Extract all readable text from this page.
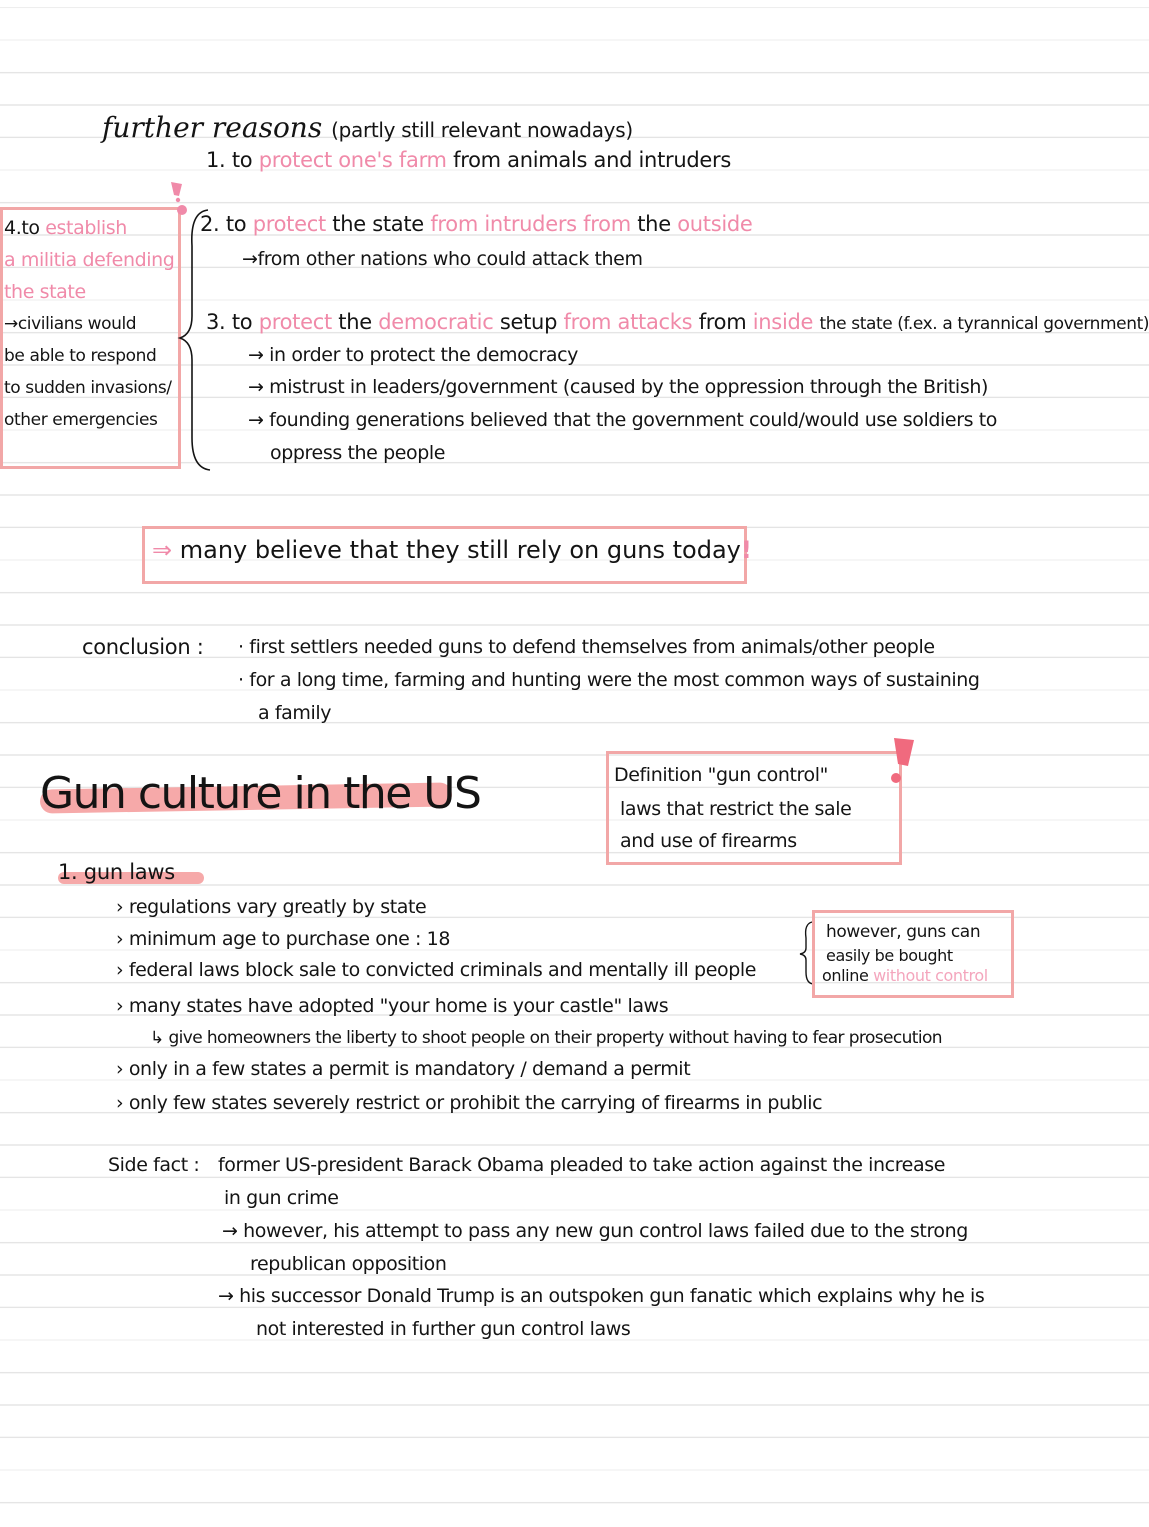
further reasons (partly still relevant nowadays)
1. to protect one's farm from animals and intruders
2. to protect the state from intruders from the outside
→from other nations who could attack them
4.to establish
a militia defending
the state
→civilians would
be able to respond
to sudden invasions/
other emergencies
3. to protect the democratic setup from attacks from inside the state (f.ex. a tyrannical government)
→ in order to protect the democracy
→ mistrust in leaders/government (caused by the oppression through the British)
→ founding generations believed that the government could/would use soldiers to
oppress the people
⇒ many believe that they still rely on guns today!
conclusion : · first settlers needed guns to defend themselves from animals/other people
· for a long time, farming and hunting were the most common ways of sustaining
a family
Gun culture in the US	Definition "gun control"
laws that restrict the sale
and use of firearms
1. gun laws
› regulations vary greatly by state
› minimum age to purchase one : 18
› federal laws block sale to convicted criminals and mentally ill people
› many states have adopted "your home is your castle" laws
↳ give homeowners the liberty to shoot people on their property without having to fear prosecution
› only in a few states a permit is mandatory / demand a permit
› only few states severely restrict or prohibit the carrying of firearms in public
however, guns can
easily be bought
online without control
Side fact : former US-president Barack Obama pleaded to take action against the increase
in gun crime
→ however, his attempt to pass any new gun control laws failed due to the strong
republican opposition
→ his successor Donald Trump is an outspoken gun fanatic which explains why he is
not interested in further gun control laws
